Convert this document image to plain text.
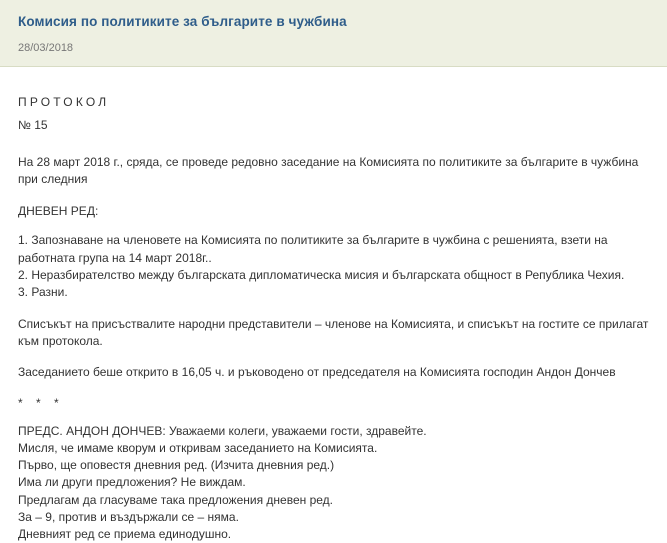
Комисия по политиките за българите в чужбина
28/03/2018
ПРОТОКОЛ
№ 15

На 28 март 2018 г., сряда, се проведе редовно заседание на Комисията по политиките за българите в чужбина при следния

ДНЕВЕН РЕД:

1. Запознаване на членовете на Комисията по политиките за българите в чужбина с решенията, взети на работната група на 14 март 2018г..
2. Неразбирателство между българската дипломатическа мисия и българската общност в Република Чехия.
3. Разни.

Списъкът на присъствалите народни представители – членове на Комисията, и списъкът на гостите се прилагат към протокола.

Заседанието беше открито в 16,05 ч. и ръководено от председателя на Комисията господин Андон Дончев

* * *
ПРЕДС. АНДОН ДОНЧЕВ: Уважаеми колеги, уважаеми гости, здравейте.
Мисля, че имаме кворум и откривам заседанието на Комисията.
Първо, ще оповестя дневния ред. (Изчита дневния ред.)
Има ли други предложения? Не виждам.
Предлагам да гласуваме така предложения дневен ред.
За – 9, против и въздържали се – няма.
Дневният ред се приема единодушно.
